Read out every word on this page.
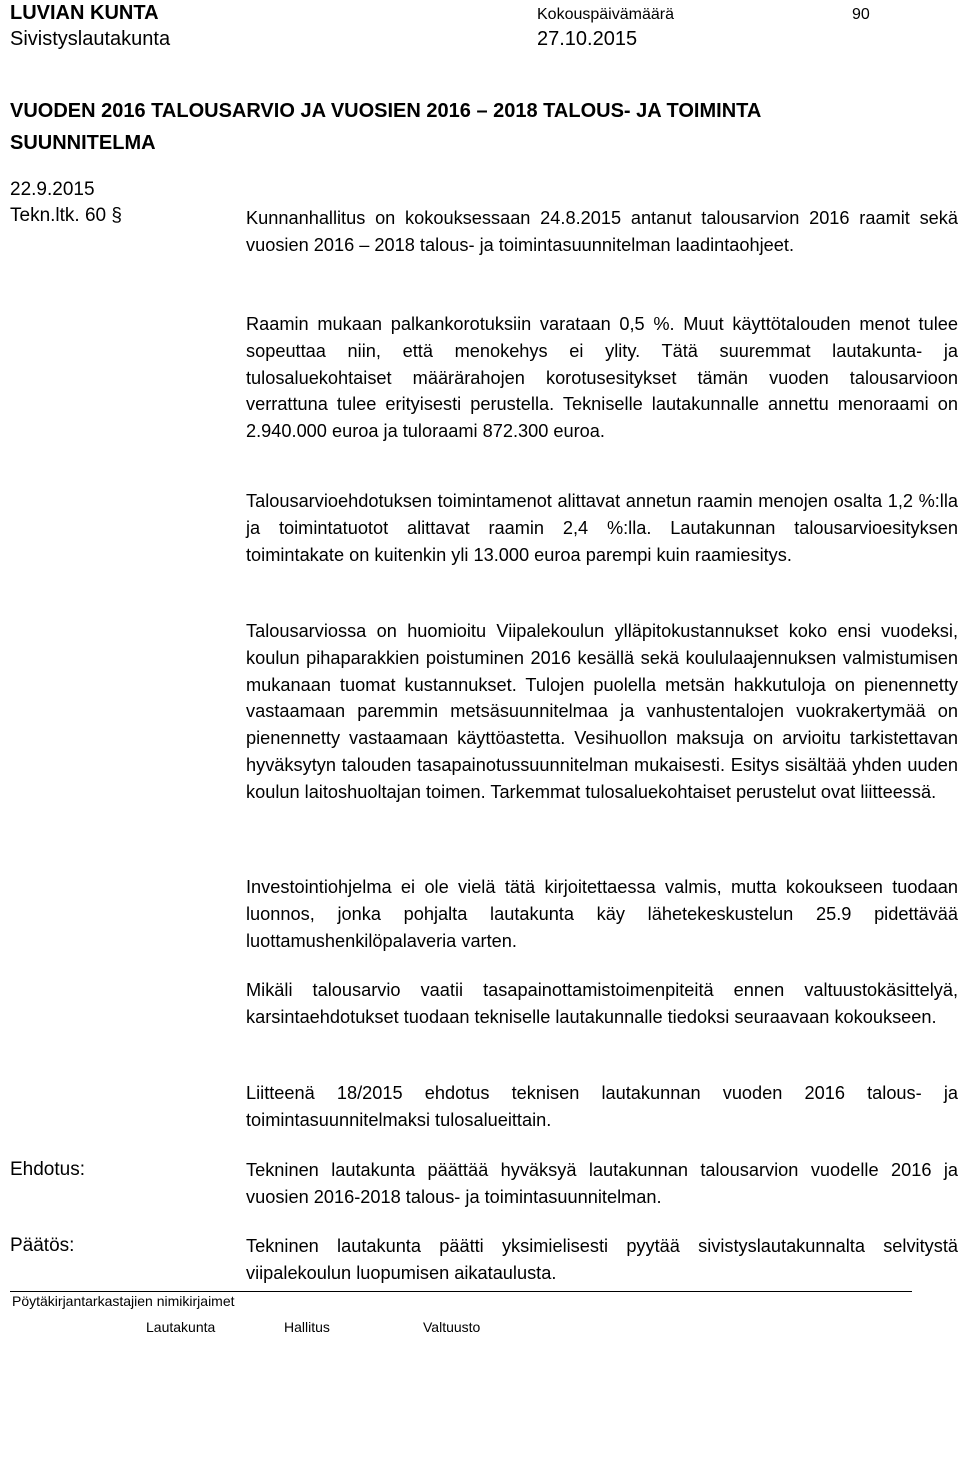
LUVIAN KUNTA
Sivistyslautakunta
Kokouspäivämäärä
27.10.2015
90
VUODEN 2016 TALOUSARVIO JA VUOSIEN 2016 – 2018 TALOUS- JA TOIMINTA SUUNNITELMA
22.9.2015
Tekn.ltk. 60 §	Kunnanhallitus on kokouksessaan 24.8.2015 antanut talousarvion 2016 raamit sekä vuosien 2016 – 2018 talous- ja toimintasuunnitelman laadintaohjeet.

Raamin mukaan palkankorotuksiin varataan 0,5 %. Muut käyttötalouden menot tulee sopeuttaa niin, että menokehys ei ylity. Tätä suuremmat lautakunta- ja tulosaluekohtaiset määrärahojen korotusesitykset tämän vuoden talousarvioon verrattuna tulee erityisesti perustella. Tekniselle lautakunnalle annettu menoraami on 2.940.000 euroa ja tuloraami 872.300 euroa.

Talousarvioehdotuksen toimintamenot alittavat annetun raamin menojen osalta 1,2 %:lla ja toimintatuotot alittavat raamin 2,4 %:lla. Lautakunnan talousarvioesityksen toimintakate on kuitenkin yli 13.000 euroa parempi kuin raamiesitys.

Talousarviossa on huomioitu Viipalekoulun ylläpitokustannukset koko ensi vuodeksi, koulun pihaparakkien poistuminen 2016 kesällä sekä koululaajennuksen valmistumisen mukanaan tuomat kustannukset. Tulojen puolella metsän hakkutuloja on pienennetty vastaamaan paremmin metsäsuunnitelmaa ja vanhustentalojen vuokrakertymää on pienennetty vastaamaan käyttöastetta. Vesihuollon maksuja on arvioitu tarkistettavan hyväksytyn talouden tasapainotussuunnitelman mukaisesti. Esitys sisältää yhden uuden koulun laitoshuoltajan toimen. Tarkemmat tulosaluekohtaiset perustelut ovat liitteessä.

Investointiohjelma ei ole vielä tätä kirjoitettaessa valmis, mutta kokoukseen tuodaan luonnos, jonka pohjalta lautakunta käy lähetekeskustelun 25.9 pidettävää luottamushenkilöpalaveria varten.

Mikäli talousarvio vaatii tasapainottamistoimenpiteitä ennen valtuustokäsittelyä, karsintaehdotukset tuodaan tekniselle lautakunnalle tiedoksi seuraavaan kokoukseen.

Liitteenä 18/2015 ehdotus teknisen lautakunnan vuoden 2016 talous- ja toimintasuunnitelmaksi tulosalueittain.

Ehdotus:	Tekninen lautakunta päättää hyväksyä lautakunnan talousarvion vuodelle 2016 ja vuosien 2016-2018 talous- ja toimintasuunnitelman.

Päätös:	Tekninen lautakunta päätti yksimielisesti pyytää sivistyslautakunnalta selvitystä viipalekoulun luopumisen aikataulusta.

Pöytäkirjantarkastajien nimikirjaimet
Lautakunta	Hallitus	Valtuusto
